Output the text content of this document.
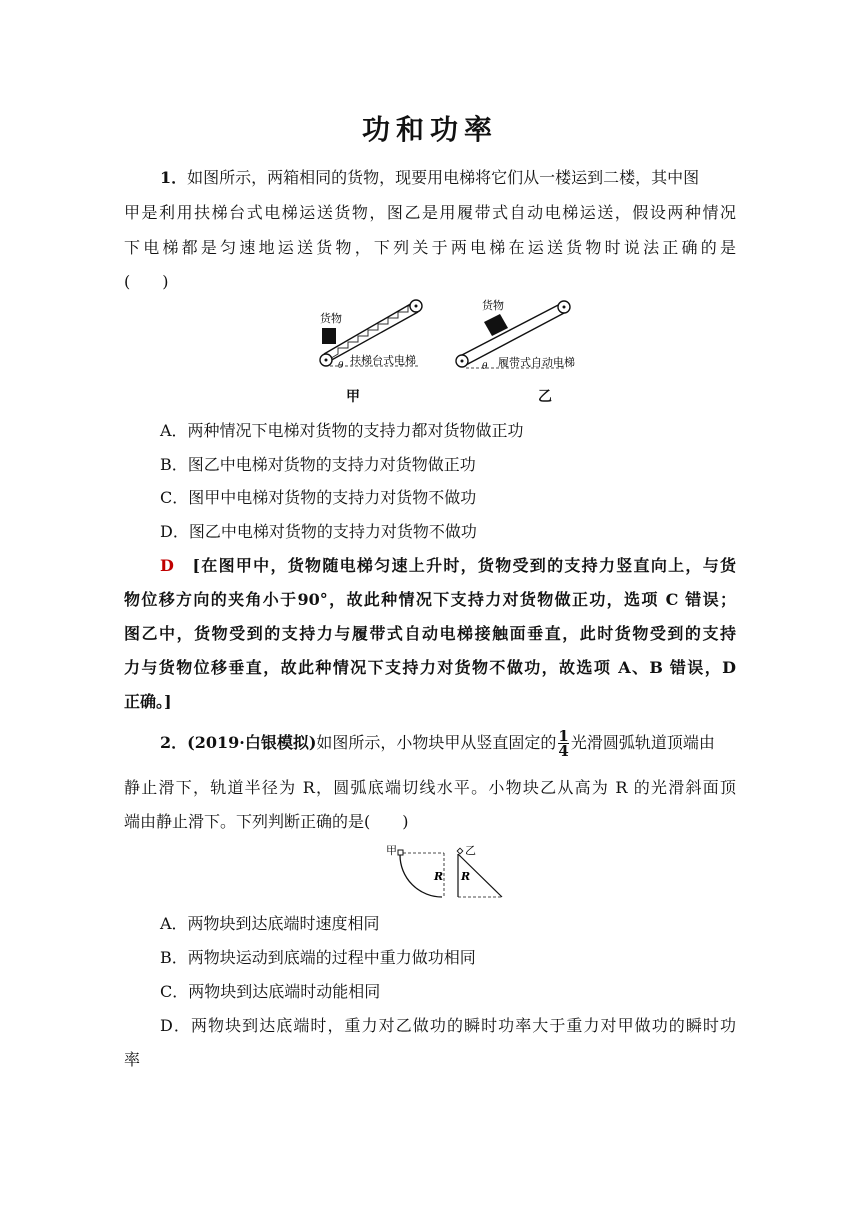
功和功率
1．如图所示，两箱相同的货物，现要用电梯将它们从一楼运到二楼，其中图
甲是利用扶梯台式电梯运送货物，图乙是用履带式自动电梯运送，假设两种情况
下电梯都是匀速地运送货物，下列关于两电梯在运送货物时说法正确的是
(　　)
货物
扶梯台式电梯
θ
货物
履带式自动电梯
θ
甲	乙
A．两种情况下电梯对货物的支持力都对货物做正功
B．图乙中电梯对货物的支持力对货物做正功
C．图甲中电梯对货物的支持力对货物不做功
D．图乙中电梯对货物的支持力对货物不做功
D　 [在图甲中，货物随电梯匀速上升时，货物受到的支持力竖直向上，与货
物位移方向的夹角小于90°，故此种情况下支持力对货物做正功，选项 C 错误；
图乙中，货物受到的支持力与履带式自动电梯接触面垂直，此时货物受到的支持
力与货物位移垂直，故此种情况下支持力对货物不做功，故选项 A、B 错误，D
正确。]
2．(2019·白银模拟)如图所示，小物块甲从竖直固定的 $\frac{1}{4}$ 光滑圆弧轨道顶端由
静止滑下，轨道半径为 R，圆弧底端切线水平。小物块乙从高为 R 的光滑斜面顶
端由静止滑下。下列判断正确的是(　　)
甲	乙
R R
A．两物块到达底端时速度相同
B．两物块运动到底端的过程中重力做功相同
C．两物块到达底端时动能相同
D．两物块到达底端时，重力对乙做功的瞬时功率大于重力对甲做功的瞬时功
率
